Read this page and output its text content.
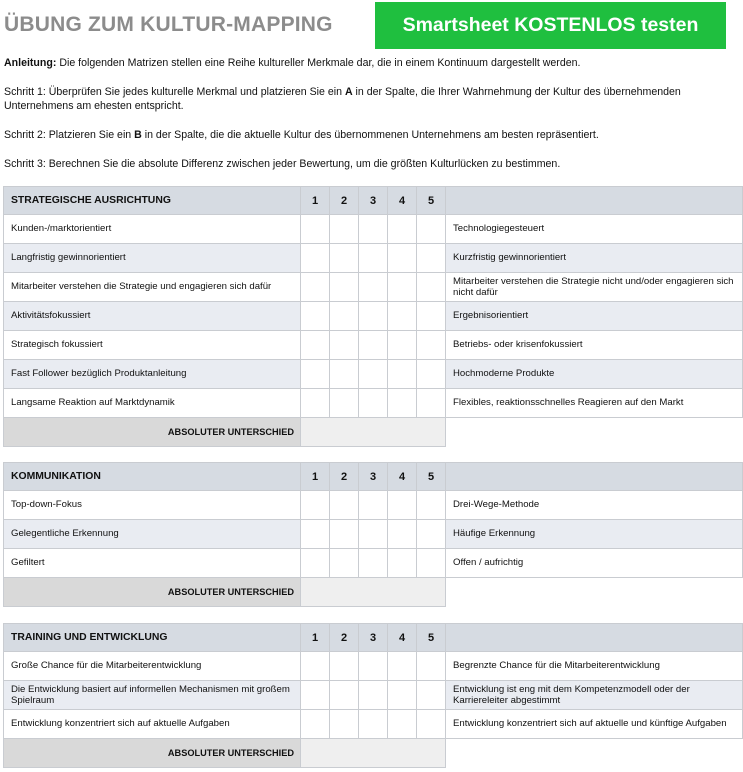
ÜBUNG ZUM KULTUR-MAPPING	Smartsheet KOSTENLOS testen
Anleitung: Die folgenden Matrizen stellen eine Reihe kultureller Merkmale dar, die in einem Kontinuum dargestellt werden.
Schritt 1: Überprüfen Sie jedes kulturelle Merkmal und platzieren Sie ein A in der Spalte, die Ihrer Wahrnehmung der Kultur des übernehmenden Unternehmens am ehesten entspricht.
Schritt 2: Platzieren Sie ein B in der Spalte, die die aktuelle Kultur des übernommenen Unternehmens am besten repräsentiert.
Schritt 3: Berechnen Sie die absolute Differenz zwischen jeder Bewertung, um die größten Kulturlücken zu bestimmen.
STRATEGISCHE AUSRICHTUNG	1	2	3	4	5	
Kunden-/marktorientiert						Technologiegesteuert
Langfristig gewinnorientiert						Kurzfristig gewinnorientiert
Mitarbeiter verstehen die Strategie und engagieren sich dafür						Mitarbeiter verstehen die Strategie nicht und/oder engagieren sich nicht dafür
Aktivitätsfokussiert						Ergebnisorientiert
Strategisch fokussiert						Betriebs- oder krisenfokussiert
Fast Follower bezüglich Produktanleitung						Hochmoderne Produkte
Langsame Reaktion auf Marktdynamik						Flexibles, reaktionsschnelles Reagieren auf den Markt
ABSOLUTER UNTERSCHIED						
KOMMUNIKATION	1	2	3	4	5	
Top-down-Fokus						Drei-Wege-Methode
Gelegentliche Erkennung						Häufige Erkennung
Gefiltert						Offen / aufrichtig
ABSOLUTER UNTERSCHIED						
TRAINING UND ENTWICKLUNG	1	2	3	4	5	
Große Chance für die Mitarbeiterentwicklung						Begrenzte Chance für die Mitarbeiterentwicklung
Die Entwicklung basiert auf informellen Mechanismen mit großem Spielraum						Entwicklung ist eng mit dem Kompetenzmodell oder der Karriereleiter abgestimmt
Entwicklung konzentriert sich auf aktuelle Aufgaben						Entwicklung konzentriert sich auf aktuelle und künftige Aufgaben
ABSOLUTER UNTERSCHIED						
